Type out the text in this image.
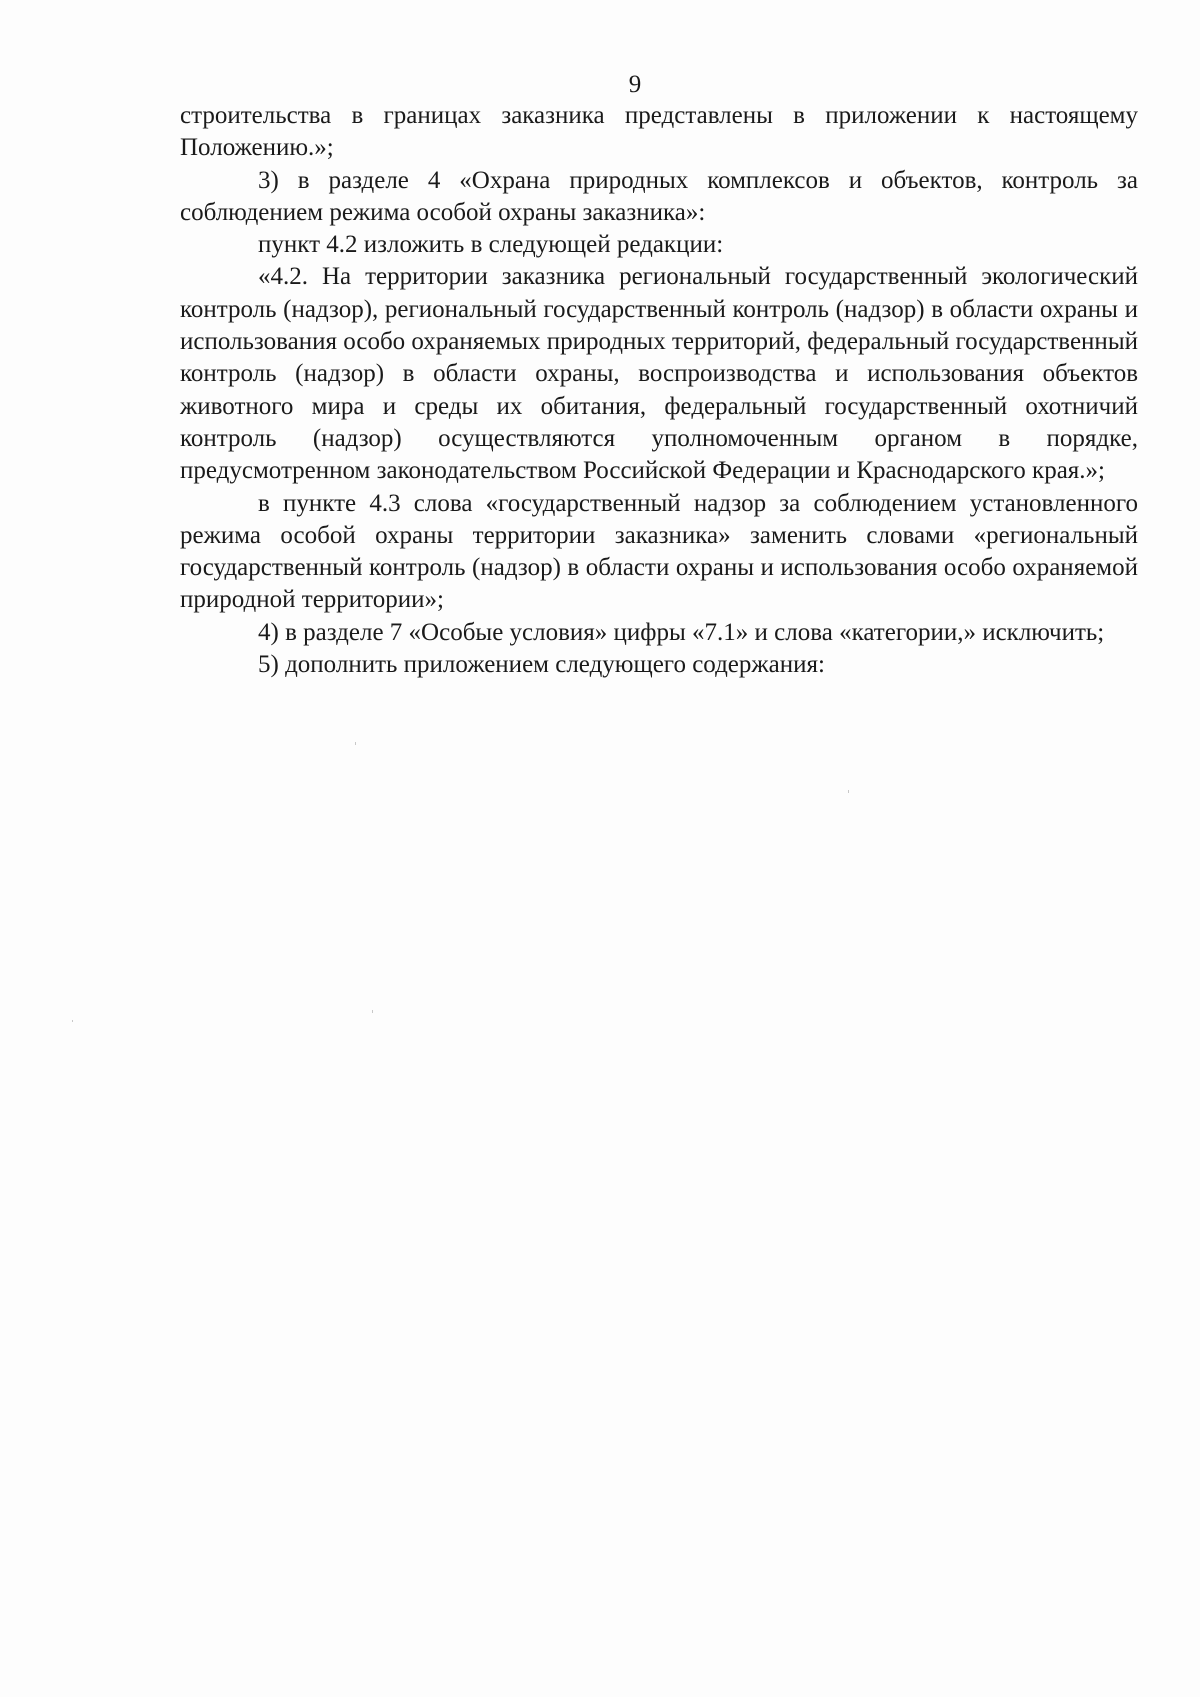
9

строительства в границах заказника представлены в приложении к настоящему Положению.»;

3) в разделе 4 «Охрана природных комплексов и объектов, контроль за соблюдением режима особой охраны заказника»:

пункт 4.2 изложить в следующей редакции:

«4.2. На территории заказника региональный государственный экологический контроль (надзор), региональный государственный контроль (надзор) в области охраны и использования особо охраняемых природных территорий, федеральный государственный контроль (надзор) в области охраны, воспроизводства и использования объектов животного мира и среды их обитания, федеральный государственный охотничий контроль (надзор) осуществляются уполномоченным органом в порядке, предусмотренном законодательством Российской Федерации и Краснодарского края.»;

в пункте 4.3 слова «государственный надзор за соблюдением установленного режима особой охраны территории заказника» заменить словами «региональный государственный контроль (надзор) в области охраны и использования особо охраняемой природной территории»;

4) в разделе 7 «Особые условия» цифры «7.1» и слова «категории,» исключить;

5) дополнить приложением следующего содержания:
